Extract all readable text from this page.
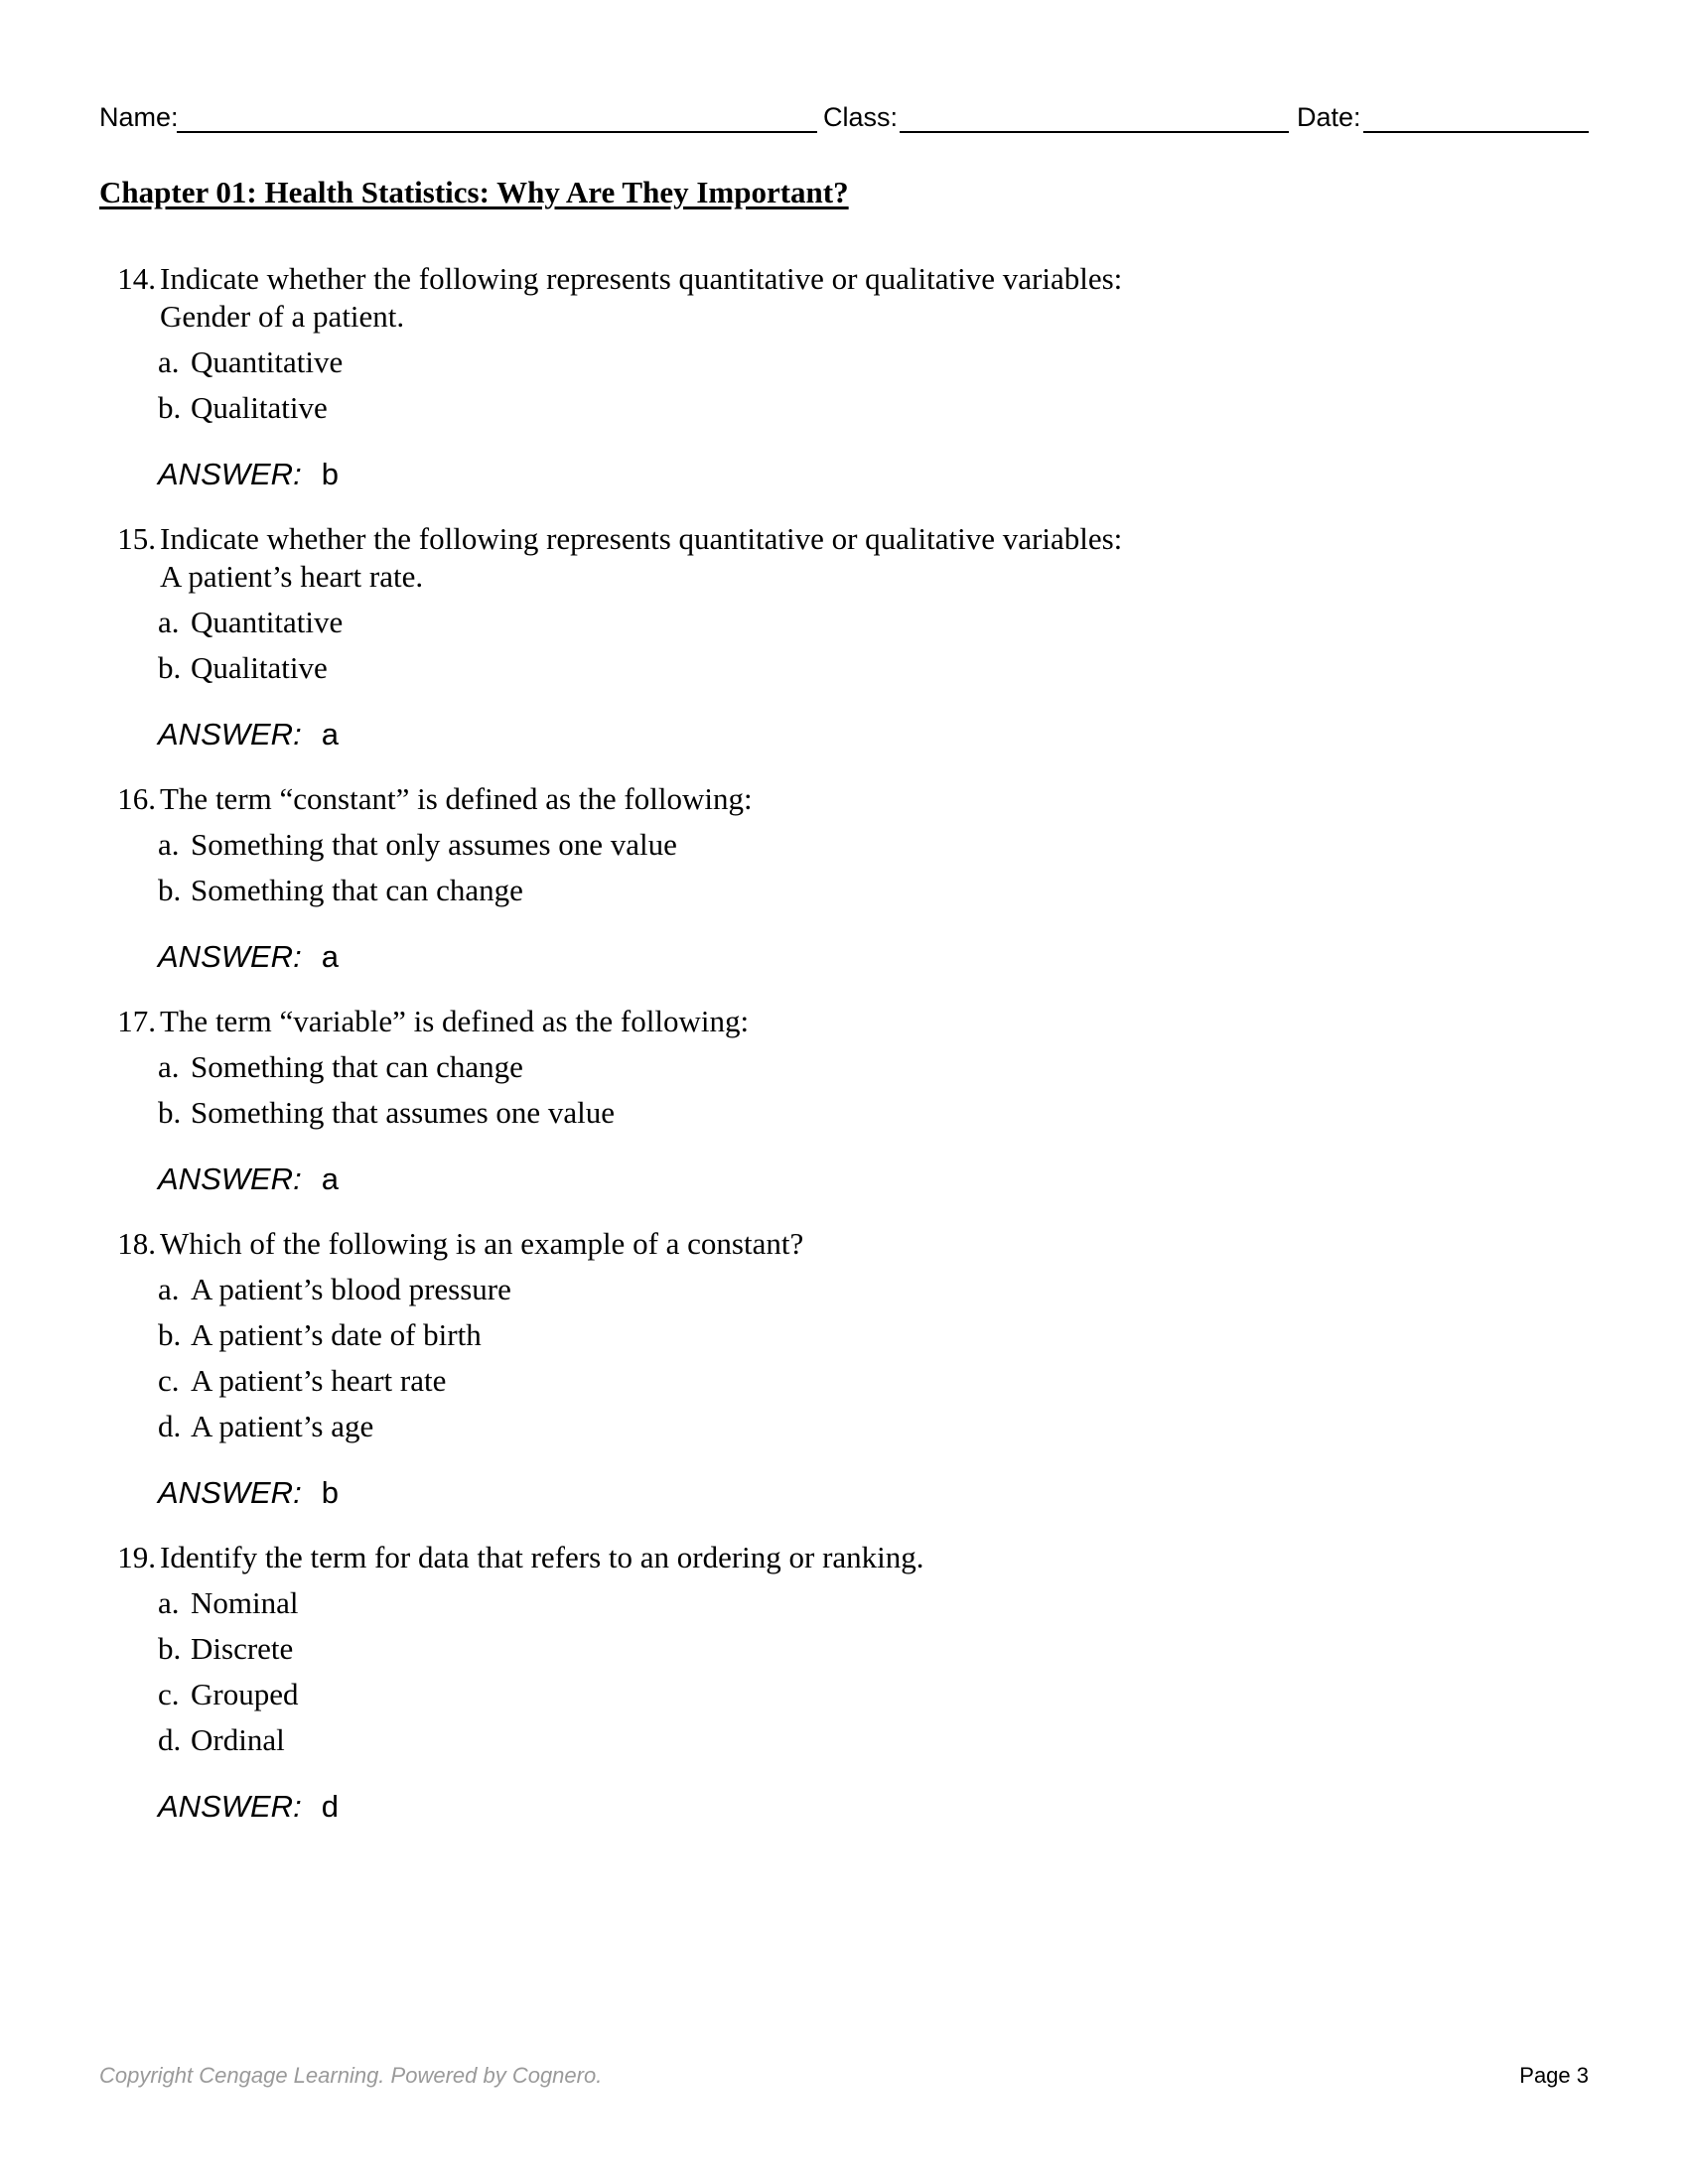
Name:	Class:	Date:
Chapter 01: Health Statistics: Why Are They Important?
14. Indicate whether the following represents quantitative or qualitative variables:
Gender of a patient.
a. Quantitative
b. Qualitative
ANSWER: b
15. Indicate whether the following represents quantitative or qualitative variables:
A patient’s heart rate.
a. Quantitative
b. Qualitative
ANSWER: a
16. The term “constant” is defined as the following:
a. Something that only assumes one value
b. Something that can change
ANSWER: a
17. The term “variable” is defined as the following:
a. Something that can change
b. Something that assumes one value
ANSWER: a
18. Which of the following is an example of a constant?
a. A patient’s blood pressure
b. A patient’s date of birth
c. A patient’s heart rate
d. A patient’s age
ANSWER: b
19. Identify the term for data that refers to an ordering or ranking.
a. Nominal
b. Discrete
c. Grouped
d. Ordinal
ANSWER: d
Copyright Cengage Learning. Powered by Cognero.	Page 3
